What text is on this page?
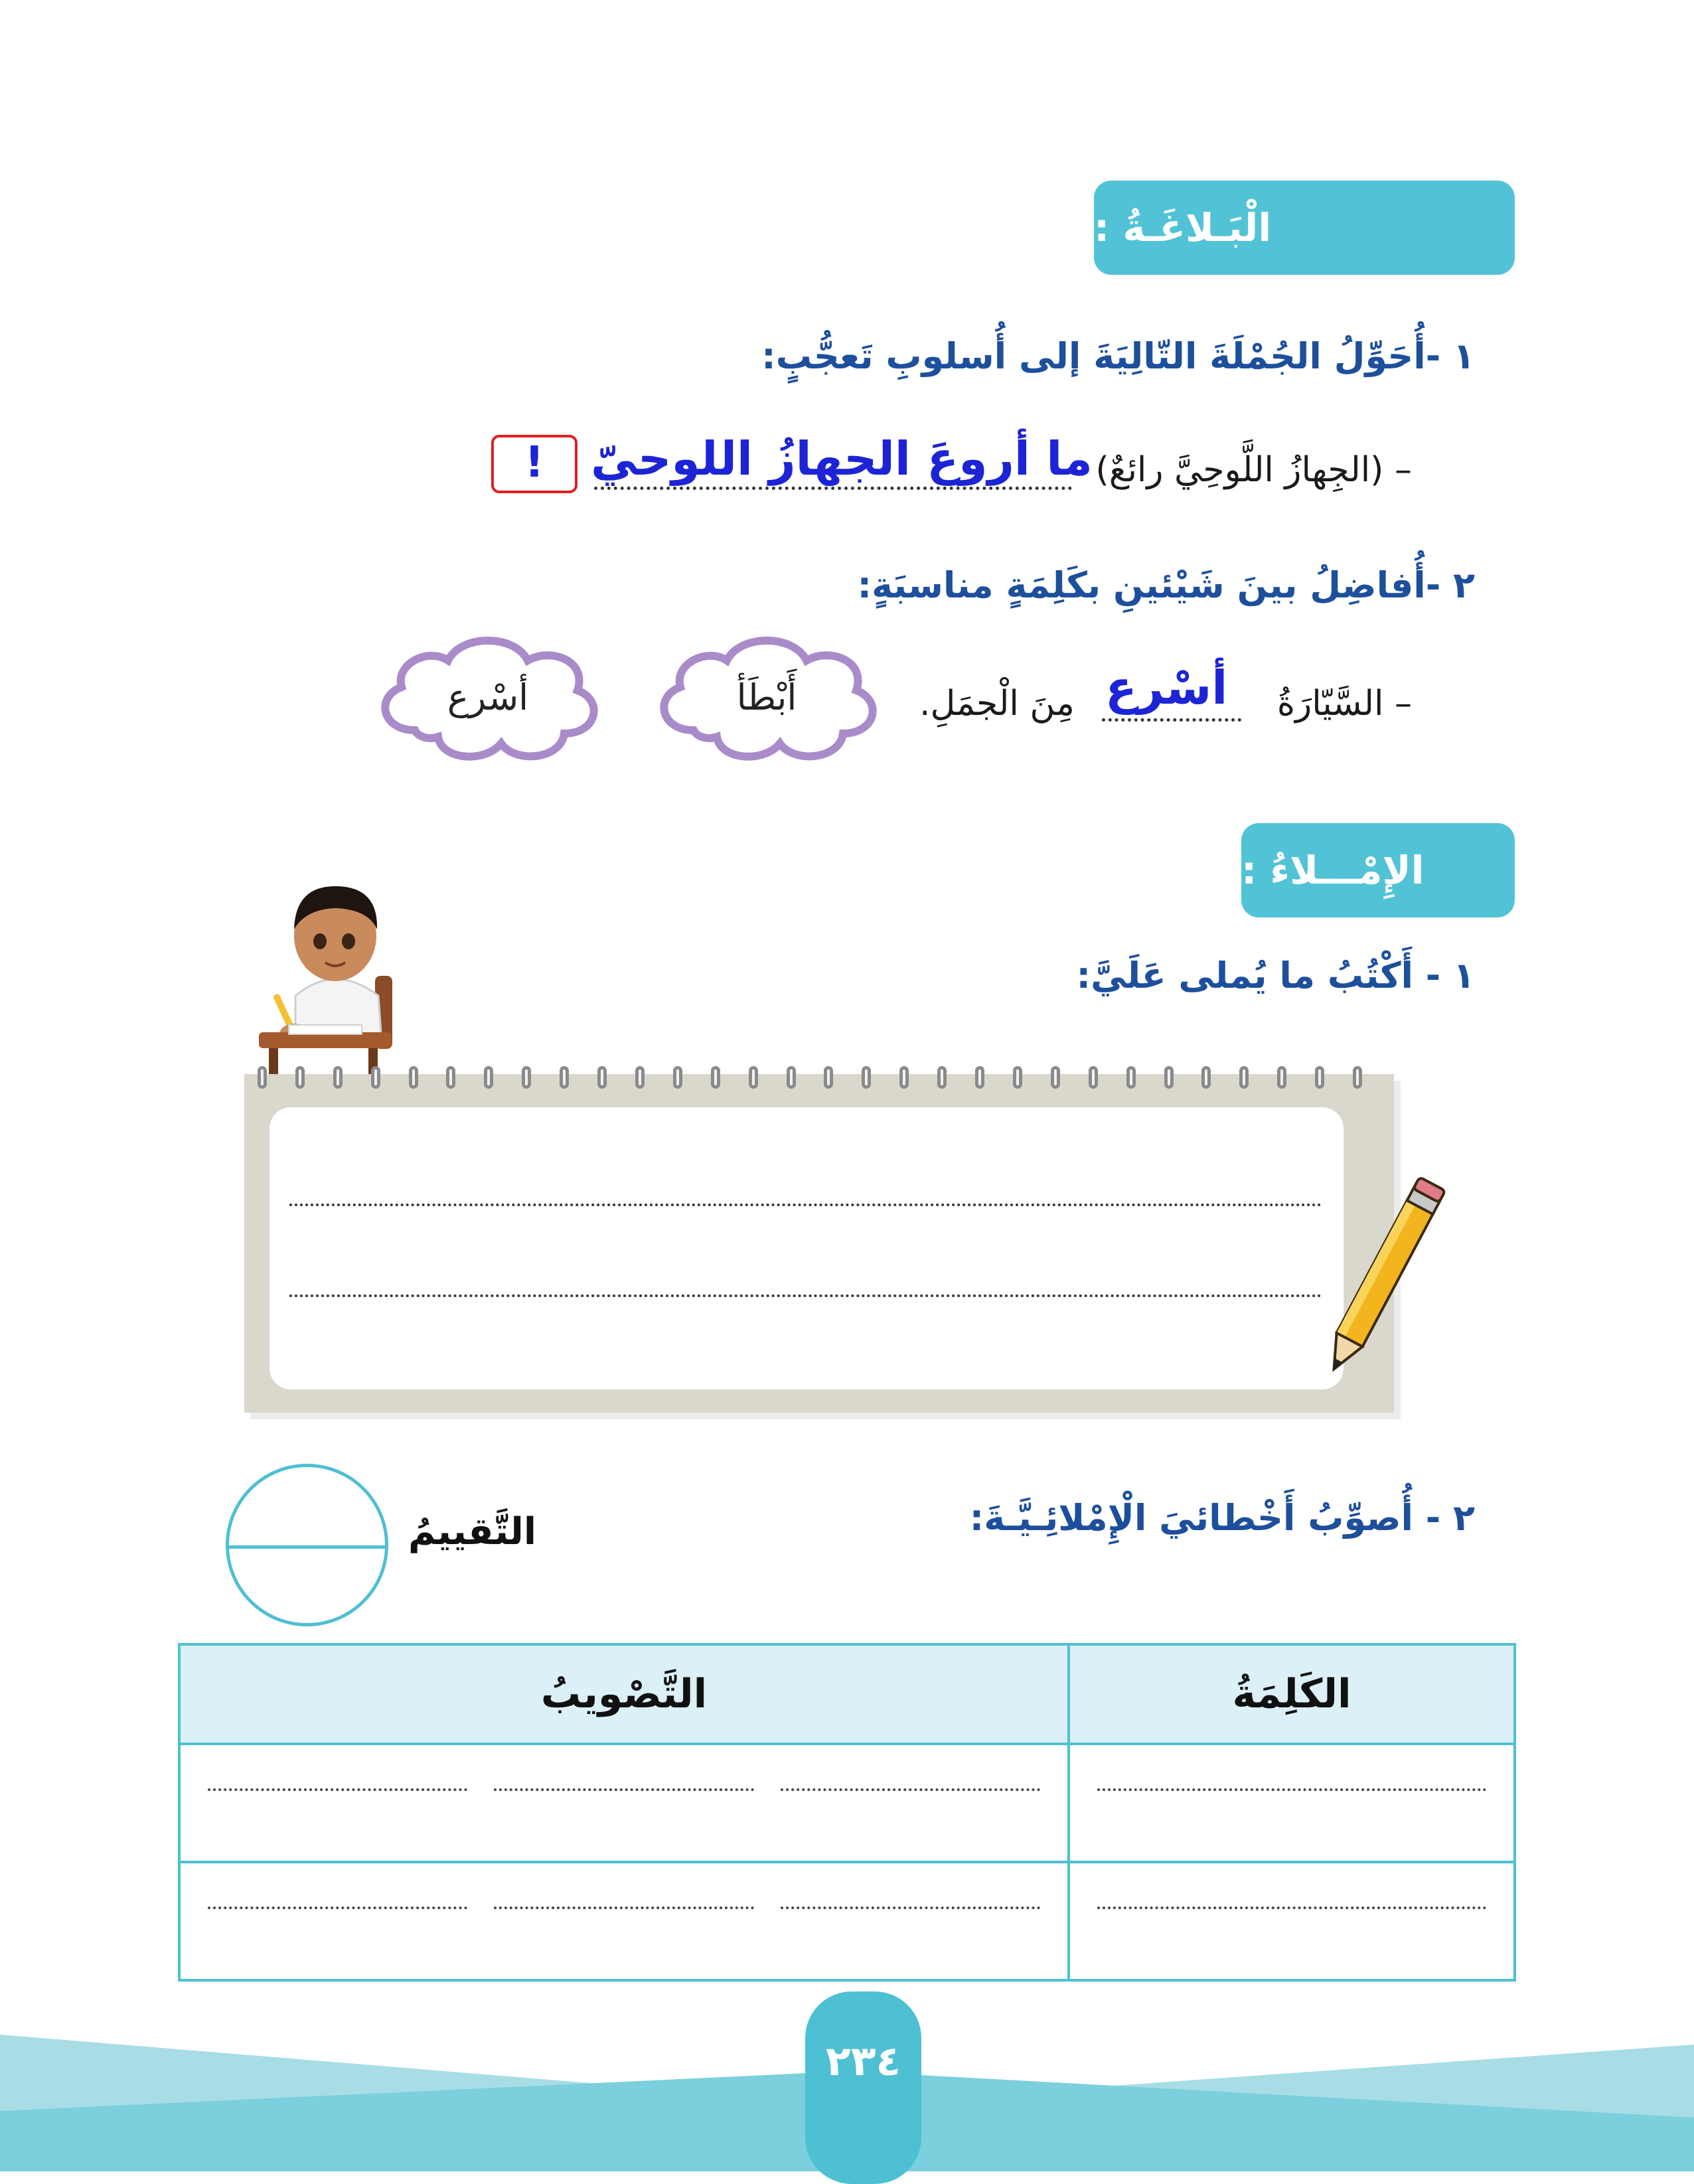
الْبَـلاغَـةُ :
١ -أُحَوِّلُ الجُمْلَةَ التّالِيَةَ إلى أُسلوبِ تَعجُّبٍ:
– (الجِهازُ اللَّوحِيَّ رائعٌ)
ما أروعَ الجهازُ اللوحيّ
!
٢ -أُفاضِلُ بينَ شَيْئينِ بكَلِمَةٍ مناسبَةٍ:
– السَّيّارَةُ
أسْرع
مِنَ الْجمَلِ.
أَبْطَأ
أسْرع
الإِمْـــلاءُ :
١ - أَكْتُبُ ما يُملى عَلَيَّ:
٢ - أُصوِّبُ أَخْطائيَ الْإِمْلائِـيَّـةَ:
التَّقييمُ
الكَلِمَةُ	التَّصْويبُ

٢٣٤
